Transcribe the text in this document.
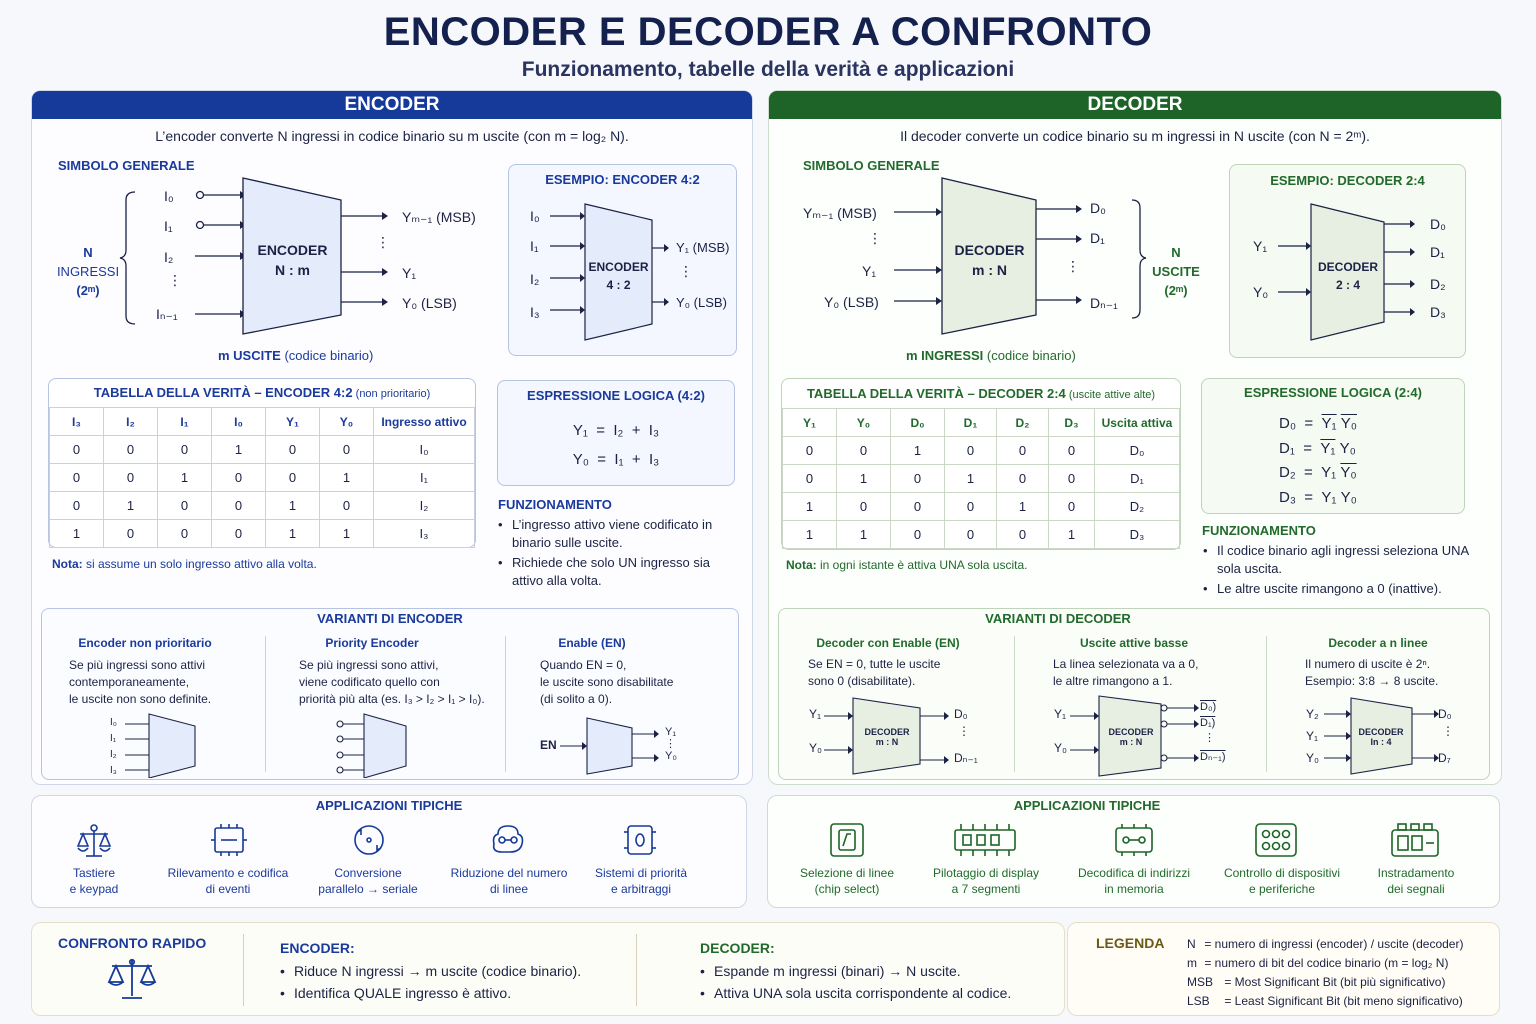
ENCODER E DECODER A CONFRONTO
Funzionamento, tabelle della verità e applicazioni
ENCODER
L’encoder converte N ingressi in codice binario su m uscite (con m = log₂ N).
SIMBOLO GENERALE
N
INGRESSI
(2ᵐ)
I₀
I₁
I₂
⋮
Iₙ₋₁
ENCODER
N : m
Yₘ₋₁ (MSB)
⋮
Y₁
Y₀ (LSB)
m USCITE (codice binario)
ESEMPIO: ENCODER 4:2
I₀
I₁
I₂
I₃
ENCODER
4 : 2
Y₁ (MSB)
⋮
Y₀ (LSB)
TABELLA DELLA VERITÀ – ENCODER 4:2 (non prioritario)
I₃	I₂	I₁	I₀	Y₁	Y₀	Ingresso attivo
0	0	0	1	0	0	I₀
0	0	1	0	0	1	I₁
0	1	0	0	1	0	I₂
1	0	0	0	1	1	I₃
Nota: si assume un solo ingresso attivo alla volta.
ESPRESSIONE LOGICA (4:2)
Y₁  =  I₂  +  I₃
Y₀  =  I₁  +  I₃
FUNZIONAMENTO
• L’ingresso attivo viene codificato in binario sulle uscite.
• Richiede che solo UN ingresso sia attivo alla volta.
VARIANTI DI ENCODER
Encoder non prioritario
Se più ingressi sono attivi
contemporaneamente,
le uscite non sono definite.
Priority Encoder
Se più ingressi sono attivi,
viene codificato quello con
priorità più alta (es. I₃ > I₂ > I₁ > I₀).
Enable (EN)
Quando EN = 0,
le uscite sono disabilitate
(di solito a 0).
I₀
I₁
I₂
I₃
EN
Y₁
⋮
Y₀
APPLICAZIONI TIPICHE
Tastiere
e keypad
Rilevamento e codifica
di eventi
Conversione
parallelo → seriale
Riduzione del numero
di linee
Sistemi di priorità
e arbitraggi
DECODER
Il decoder converte un codice binario su m ingressi in N uscite (con N = 2ᵐ).
SIMBOLO GENERALE
Yₘ₋₁ (MSB)
⋮
Y₁
Y₀ (LSB)
DECODER
m : N
D₀
D₁
⋮
Dₙ₋₁
N
USCITE
(2ᵐ)
m INGRESSI (codice binario)
ESEMPIO: DECODER 2:4
Y₁
Y₀
DECODER
2 : 4
D₀
D₁
D₂
D₃
TABELLA DELLA VERITÀ – DECODER 2:4 (uscite attive alte)
Y₁	Y₀	D₀	D₁	D₂	D₃	Uscita attiva
0	0	1	0	0	0	D₀
0	1	0	1	0	0	D₁
1	0	0	0	1	0	D₂
1	1	0	0	0	1	D₃
Nota: in ogni istante è attiva UNA sola uscita.
ESPRESSIONE LOGICA (2:4)
D₀  =  Y₁ Y₀
D₁  =  Y₁ Y₀
D₂  =  Y₁ Y₀
D₃  =  Y₁ Y₀
FUNZIONAMENTO
• Il codice binario agli ingressi seleziona UNA sola uscita.
• Le altre uscite rimangono a 0 (inattive).
VARIANTI DI DECODER
Decoder con Enable (EN)
Se EN = 0, tutte le uscite
sono 0 (disabilitate).
Uscite attive basse
La linea selezionata va a 0,
le altre rimangono a 1.
Decoder a n linee
Il numero di uscite è 2ⁿ.
Esempio: 3:8 → 8 uscite.
Y₁
Y₀
DECODER
m : N
D₀
⋮
Dₙ₋₁
Y₁
Y₀
DECODER
m : N
D₀)
D₁)
⋮
Dₙ₋₁)
Y₂
Y₁
Y₀
DECODER
In : 4
D₀
⋮
D₇
APPLICAZIONI TIPICHE
Selezione di linee
(chip select)
Pilotaggio di display
a 7 segmenti
Decodifica di indirizzi
in memoria
Controllo di dispositivi
e periferiche
Instradamento
dei segnali
CONFRONTO RAPIDO	ENCODER:
• Riduce N ingressi → m uscite (codice binario).
• Identifica QUALE ingresso è attivo.
DECODER:
• Espande m ingressi (binari) → N uscite.
• Attiva UNA sola uscita corrispondente al codice.
LEGENDA N = numero di ingressi (encoder) / uscite (decoder)
m = numero di bit del codice binario (m = log₂ N)
MSB = Most Significant Bit (bit più significativo)
LSB = Least Significant Bit (bit meno significativo)
